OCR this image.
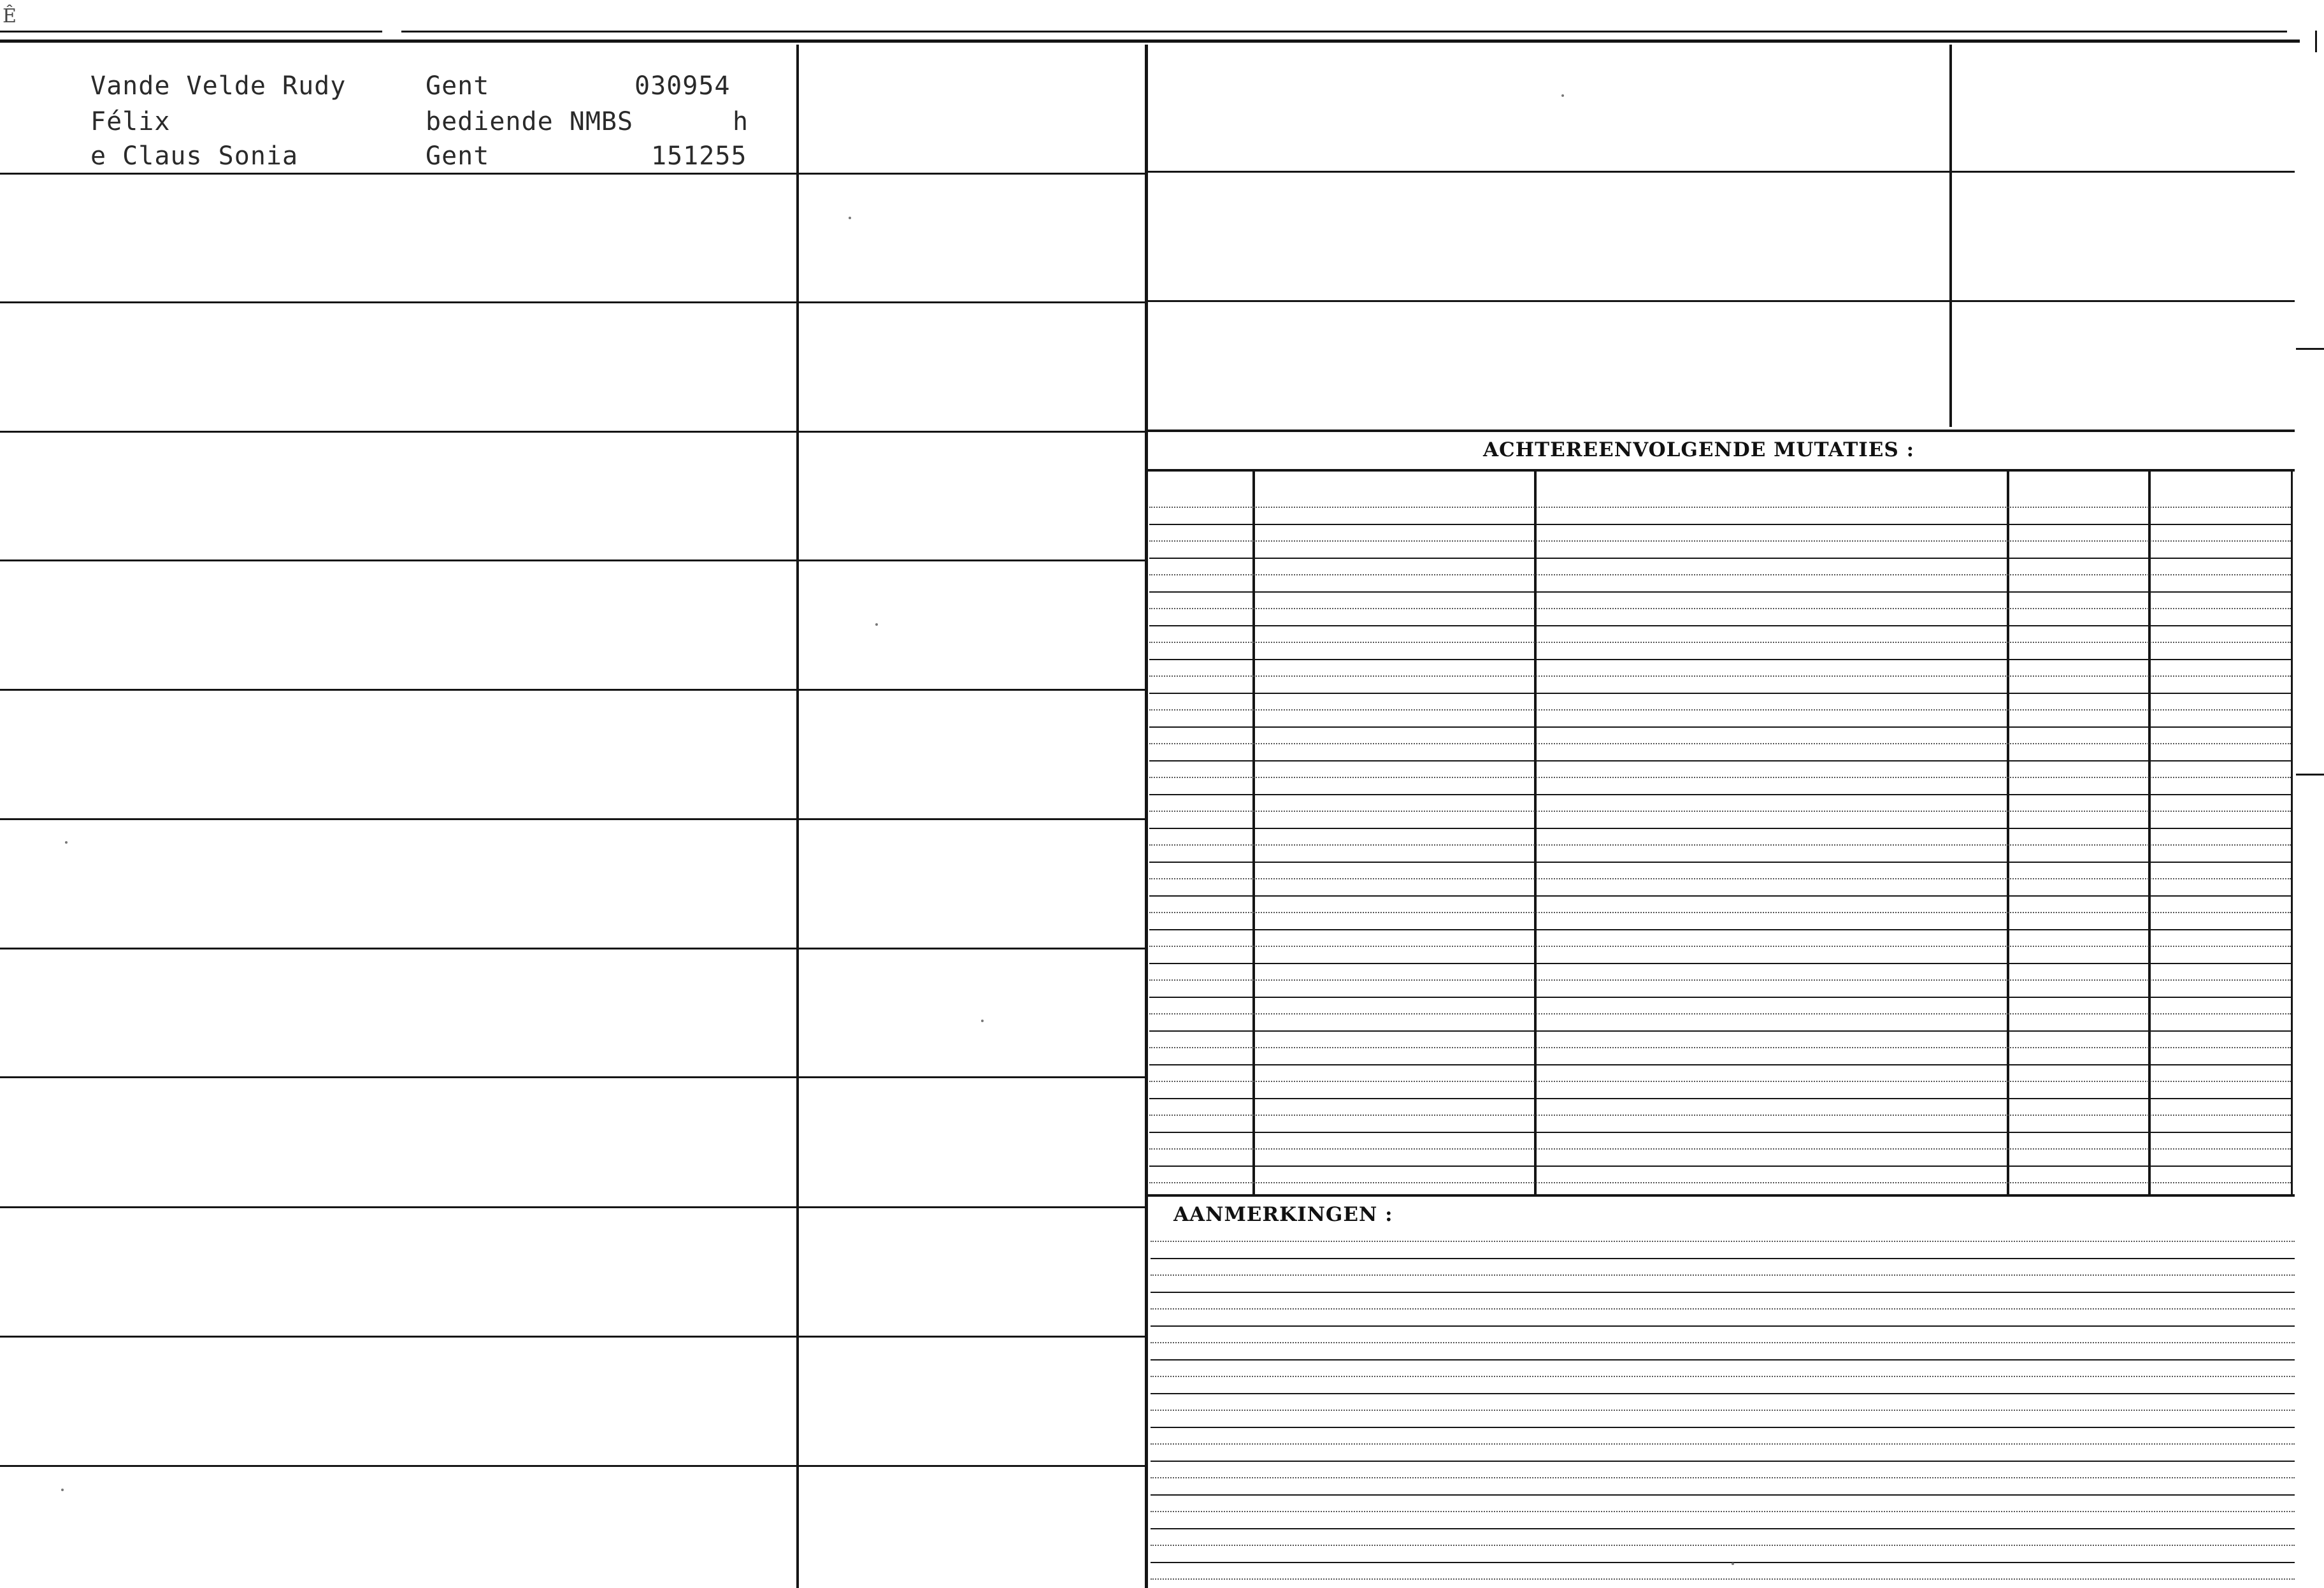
Ê
Vande Velde Rudy
Félix
e Claus Sonia
Gent
bediende NMBS
Gent
030954
h
151255
ACHTEREENVOLGENDE MUTATIES :
AANMERKINGEN :
